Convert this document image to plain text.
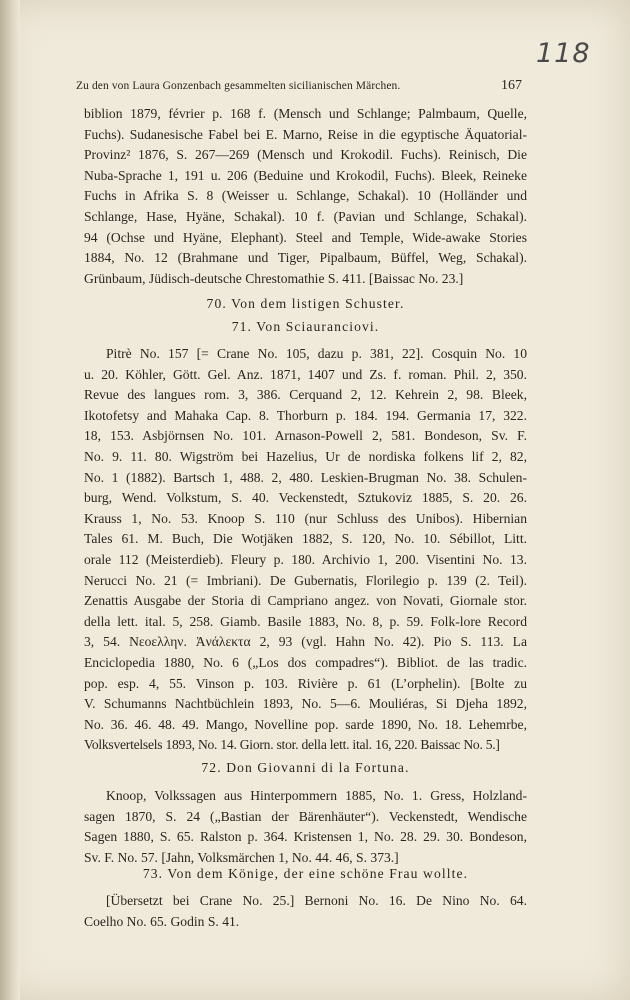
118
Zu den von Laura Gonzenbach gesammelten sicilianischen Märchen.	167
biblion 1879, février p. 168 f. (Mensch und Schlange; Palmbaum, Quelle,
Fuchs). Sudanesische Fabel bei E. Marno, Reise in die egyptische Äquatorial-
Provinz² 1876, S. 267—269 (Mensch und Krokodil. Fuchs). Reinisch, Die
Nuba-Sprache 1, 191 u. 206 (Beduine und Krokodil, Fuchs). Bleek, Reineke
Fuchs in Afrika S. 8 (Weisser u. Schlange, Schakal). 10 (Holländer und
Schlange, Hase, Hyäne, Schakal). 10 f. (Pavian und Schlange, Schakal).
94 (Ochse und Hyäne, Elephant). Steel and Temple, Wide-awake Stories
1884, No. 12 (Brahmane und Tiger, Pipalbaum, Büffel, Weg, Schakal).
Grünbaum, Jüdisch-deutsche Chrestomathie S. 411. [Baissac No. 23.]
70. Von dem listigen Schuster.
71. Von Sciauranciovi.
Pitrè No. 157 [= Crane No. 105, dazu p. 381, 22]. Cosquin No. 10
u. 20. Köhler, Gött. Gel. Anz. 1871, 1407 und Zs. f. roman. Phil. 2, 350.
Revue des langues rom. 3, 386. Cerquand 2, 12. Kehrein 2, 98. Bleek,
Ikotofetsy and Mahaka Cap. 8. Thorburn p. 184. 194. Germania 17, 322.
18, 153. Asbjörnsen No. 101. Arnason-Powell 2, 581. Bondeson, Sv. F.
No. 9. 11. 80. Wigström bei Hazelius, Ur de nordiska folkens lif 2, 82,
No. 1 (1882). Bartsch 1, 488. 2, 480. Leskien-Brugman No. 38. Schulen-
burg, Wend. Volkstum, S. 40. Veckenstedt, Sztukoviz 1885, S. 20. 26.
Krauss 1, No. 53. Knoop S. 110 (nur Schluss des Unibos). Hibernian
Tales 61. M. Buch, Die Wotjäken 1882, S. 120, No. 10. Sébillot, Litt.
orale 112 (Meisterdieb). Fleury p. 180. Archivio 1, 200. Visentini No. 13.
Nerucci No. 21 (= Imbriani). De Gubernatis, Florilegio p. 139 (2. Teil).
Zenattis Ausgabe der Storia di Campriano angez. von Novati, Giornale stor.
della lett. ital. 5, 258. Giamb. Basile 1883, No. 8, p. 59. Folk-lore Record
3, 54. Νεοελλην. Ἀνάλεκτα 2, 93 (vgl. Hahn No. 42). Pio S. 113. La
Enciclopedia 1880, No. 6 („Los dos compadres“). Bibliot. de las tradic.
pop. esp. 4, 55. Vinson p. 103. Rivière p. 61 (L’orphelin). [Bolte zu
V. Schumanns Nachtbüchlein 1893, No. 5—6. Mouliéras, Si Djeha 1892,
No. 36. 46. 48. 49. Mango, Novelline pop. sarde 1890, No. 18. Lehemrbe,
Volksvertelsels 1893, No. 14. Giorn. stor. della lett. ital. 16, 220. Baissac No. 5.]
72. Don Giovanni di la Fortuna.
Knoop, Volkssagen aus Hinterpommern 1885, No. 1. Gress, Holzland-
sagen 1870, S. 24 („Bastian der Bärenhäuter“). Veckenstedt, Wendische
Sagen 1880, S. 65. Ralston p. 364. Kristensen 1, No. 28. 29. 30. Bondeson,
Sv. F. No. 57. [Jahn, Volksmärchen 1, No. 44. 46, S. 373.]
73. Von dem Könige, der eine schöne Frau wollte.
[Übersetzt bei Crane No. 25.] Bernoni No. 16. De Nino No. 64.
Coelho No. 65. Godin S. 41.
